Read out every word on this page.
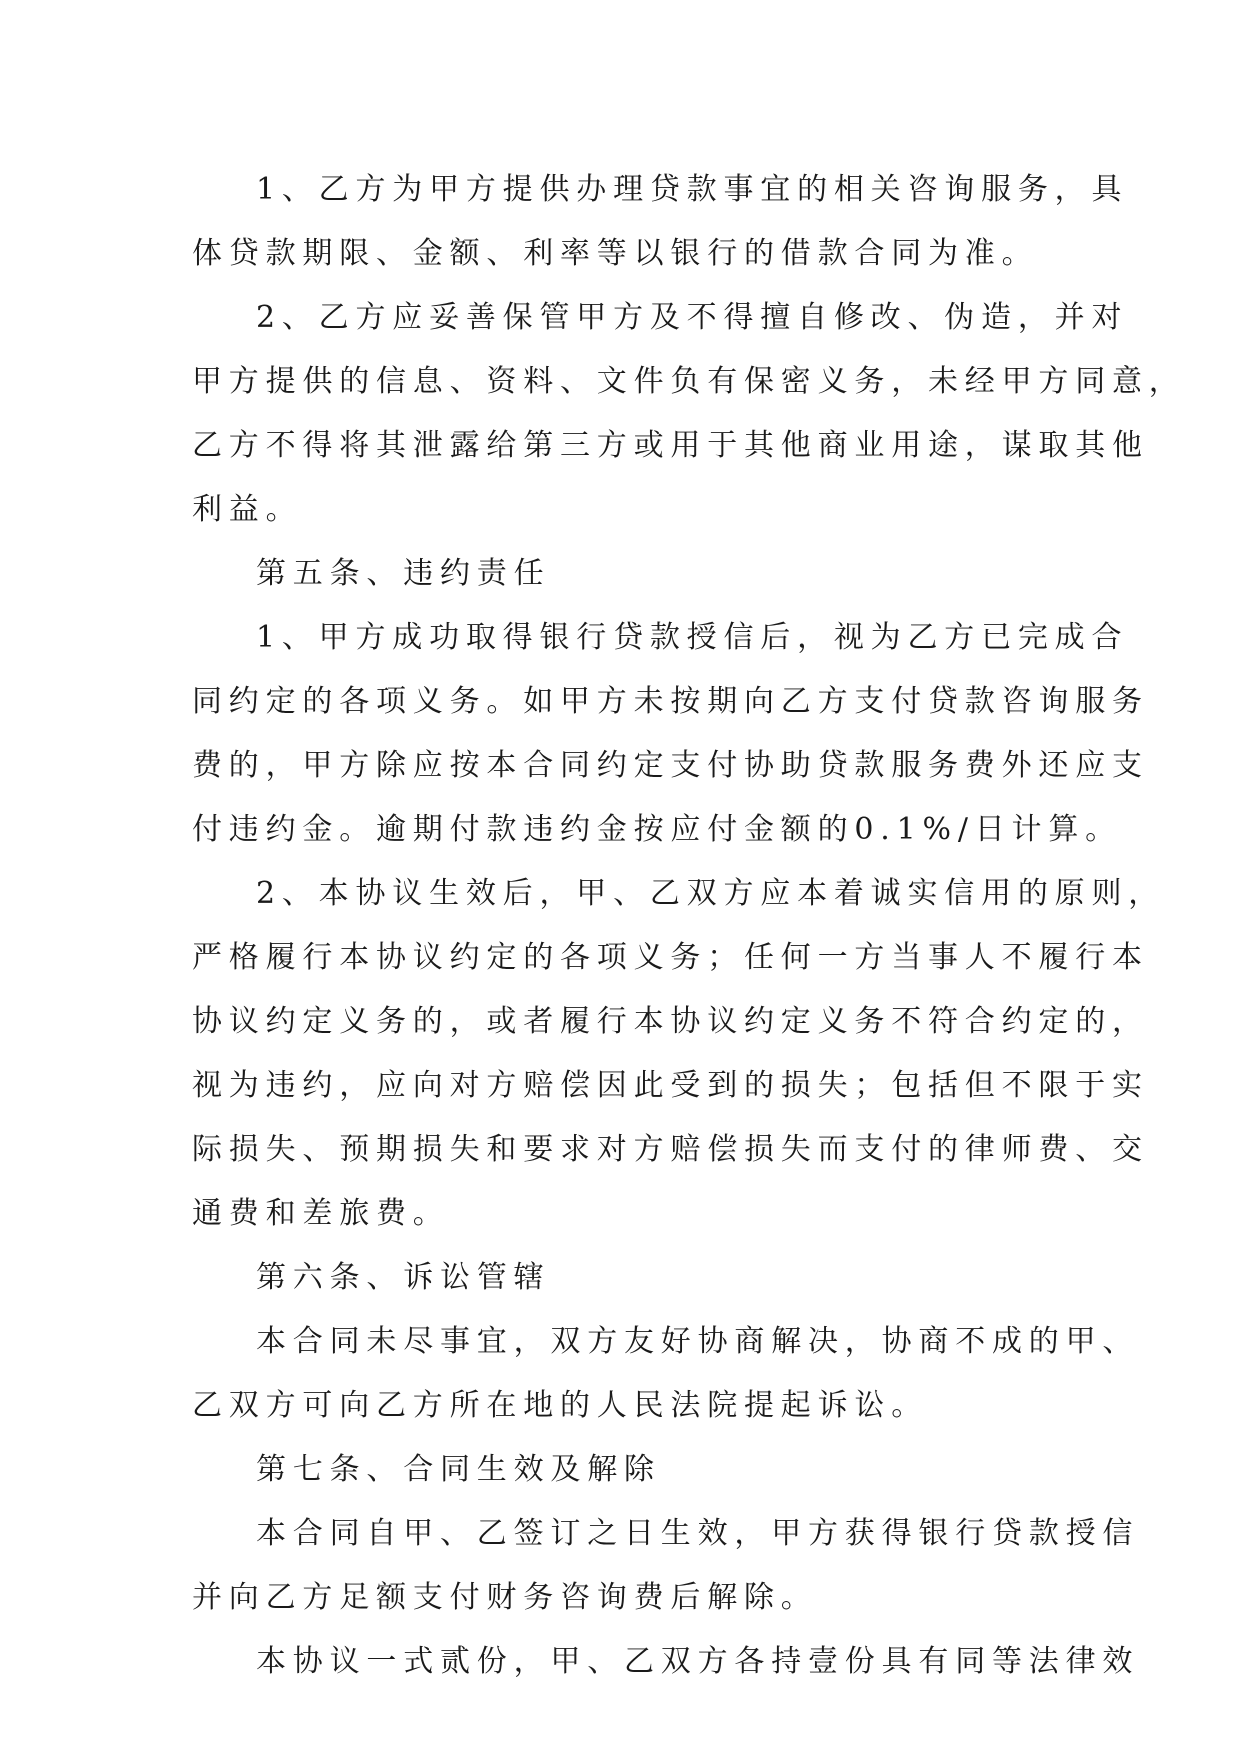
1、乙方为甲方提供办理贷款事宜的相关咨询服务，具
体贷款期限、金额、利率等以银行的借款合同为准。
2、乙方应妥善保管甲方及不得擅自修改、伪造，并对
甲方提供的信息、资料、文件负有保密义务，未经甲方同意，
乙方不得将其泄露给第三方或用于其他商业用途，谋取其他
利益。
第五条、违约责任
1、甲方成功取得银行贷款授信后，视为乙方已完成合
同约定的各项义务。如甲方未按期向乙方支付贷款咨询服务
费的，甲方除应按本合同约定支付协助贷款服务费外还应支
付违约金。逾期付款违约金按应付金额的0.1%/日计算。
2、本协议生效后，甲、乙双方应本着诚实信用的原则，
严格履行本协议约定的各项义务；任何一方当事人不履行本
协议约定义务的，或者履行本协议约定义务不符合约定的，
视为违约，应向对方赔偿因此受到的损失；包括但不限于实
际损失、预期损失和要求对方赔偿损失而支付的律师费、交
通费和差旅费。
第六条、诉讼管辖
本合同未尽事宜，双方友好协商解决，协商不成的甲、
乙双方可向乙方所在地的人民法院提起诉讼。
第七条、合同生效及解除
本合同自甲、乙签订之日生效，甲方获得银行贷款授信
并向乙方足额支付财务咨询费后解除。
本协议一式贰份，甲、乙双方各持壹份具有同等法律效
